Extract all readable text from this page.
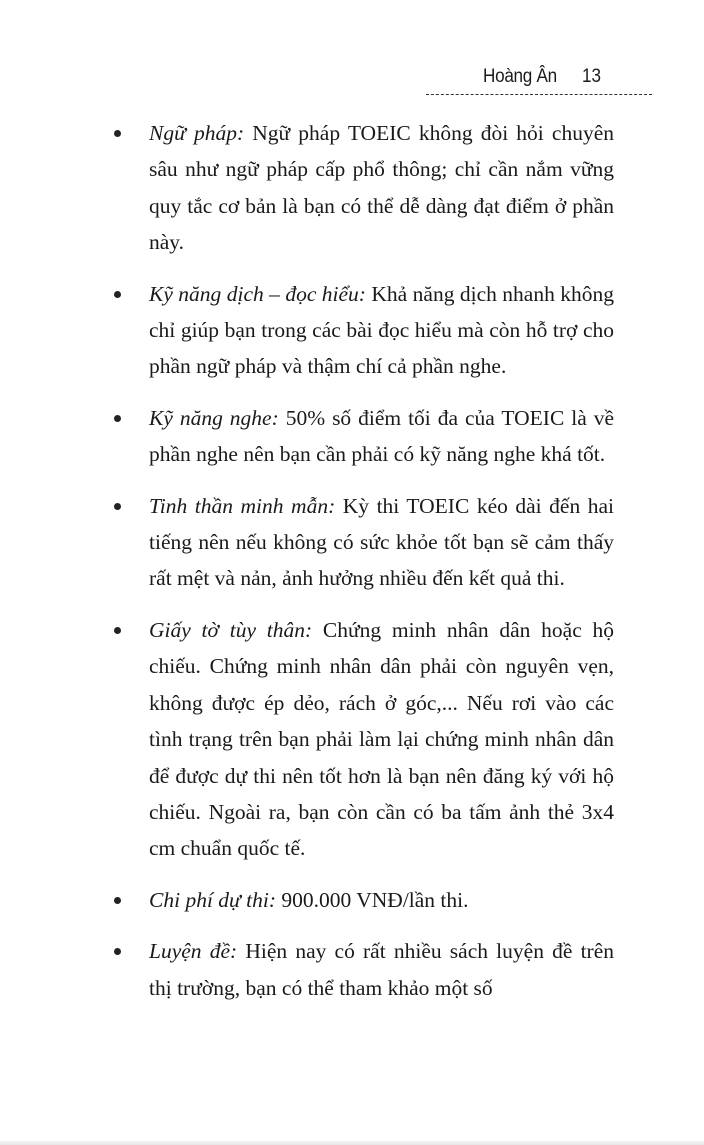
Hoàng Ân 13
Ngữ pháp: Ngữ pháp TOEIC không đòi hỏi chuyên sâu như ngữ pháp cấp phổ thông; chỉ cần nắm vững quy tắc cơ bản là bạn có thể dễ dàng đạt điểm ở phần này.
Kỹ năng dịch – đọc hiểu: Khả năng dịch nhanh không chỉ giúp bạn trong các bài đọc hiểu mà còn hỗ trợ cho phần ngữ pháp và thậm chí cả phần nghe.
Kỹ năng nghe: 50% số điểm tối đa của TOEIC là về phần nghe nên bạn cần phải có kỹ năng nghe khá tốt.
Tinh thần minh mẫn: Kỳ thi TOEIC kéo dài đến hai tiếng nên nếu không có sức khỏe tốt bạn sẽ cảm thấy rất mệt và nản, ảnh hưởng nhiều đến kết quả thi.
Giấy tờ tùy thân: Chứng minh nhân dân hoặc hộ chiếu. Chứng minh nhân dân phải còn nguyên vẹn, không được ép dẻo, rách ở góc,... Nếu rơi vào các tình trạng trên bạn phải làm lại chứng minh nhân dân để được dự thi nên tốt hơn là bạn nên đăng ký với hộ chiếu. Ngoài ra, bạn còn cần có ba tấm ảnh thẻ 3x4 cm chuẩn quốc tế.
Chi phí dự thi: 900.000 VNĐ/lần thi.
Luyện đề: Hiện nay có rất nhiều sách luyện đề trên thị trường, bạn có thể tham khảo một số
